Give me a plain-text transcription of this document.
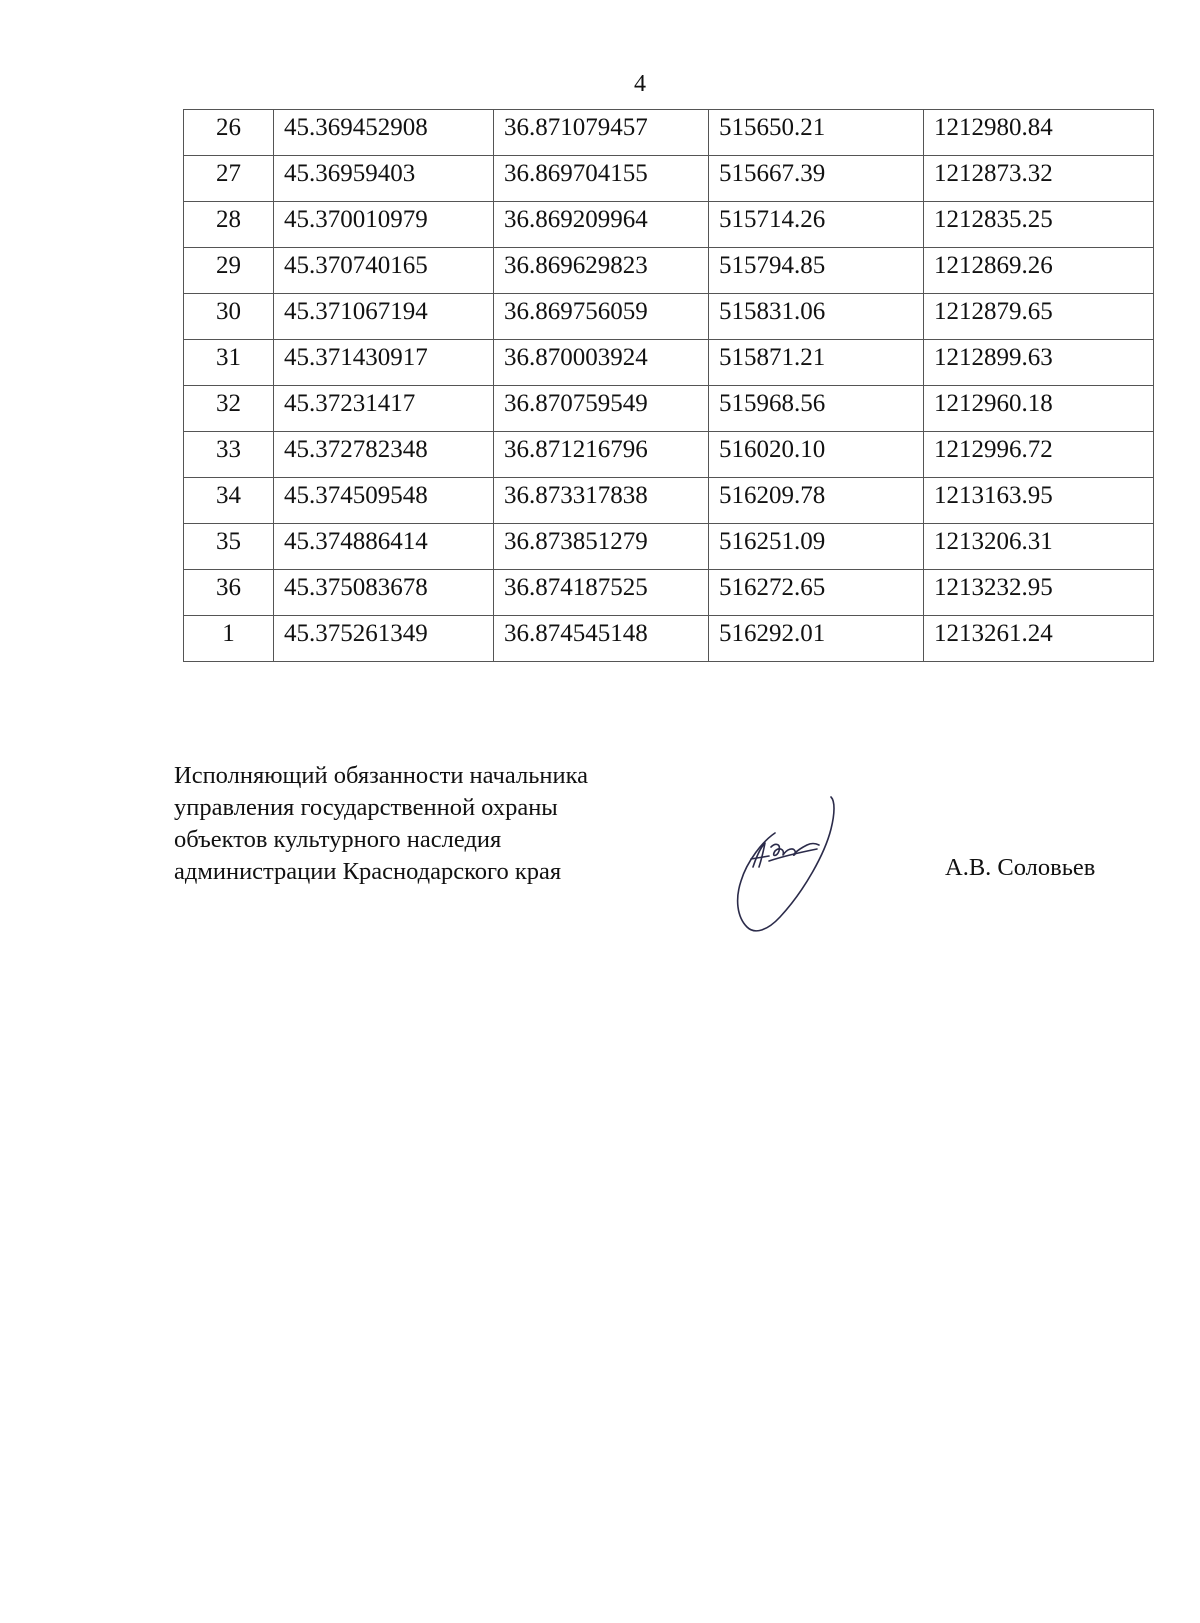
4
26	45.369452908	36.871079457	515650.21	1212980.84
27	45.36959403	36.869704155	515667.39	1212873.32
28	45.370010979	36.869209964	515714.26	1212835.25
29	45.370740165	36.869629823	515794.85	1212869.26
30	45.371067194	36.869756059	515831.06	1212879.65
31	45.371430917	36.870003924	515871.21	1212899.63
32	45.37231417	36.870759549	515968.56	1212960.18
33	45.372782348	36.871216796	516020.10	1212996.72
34	45.374509548	36.873317838	516209.78	1213163.95
35	45.374886414	36.873851279	516251.09	1213206.31
36	45.375083678	36.874187525	516272.65	1213232.95
1	45.375261349	36.874545148	516292.01	1213261.24
Исполняющий обязанности начальника
управления государственной охраны
объектов культурного наследия
администрации Краснодарского края	А.В. Соловьев
